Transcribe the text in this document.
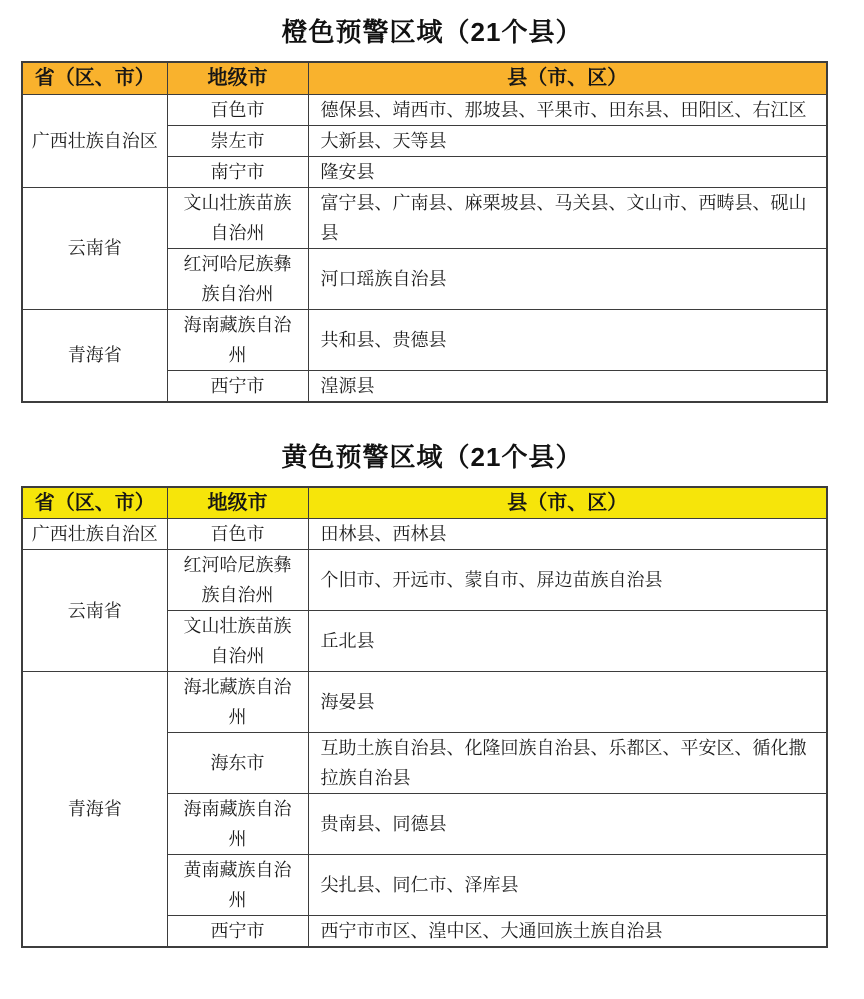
橙色预警区域（21个县）
省（区、市）	地级市	县（市、区）
广西壮族自治区	百色市	德保县、靖西市、那坡县、平果市、田东县、田阳区、右江区
	崇左市	大新县、天等县
	南宁市	隆安县
云南省	文山壮族苗族自治州	富宁县、广南县、麻栗坡县、马关县、文山市、西畴县、砚山县
	红河哈尼族彝族自治州	河口瑶族自治县
青海省	海南藏族自治州	共和县、贵德县
	西宁市	湟源县
黄色预警区域（21个县）
省（区、市）	地级市	县（市、区）
广西壮族自治区	百色市	田林县、西林县
云南省	红河哈尼族彝族自治州	个旧市、开远市、蒙自市、屏边苗族自治县
	文山壮族苗族自治州	丘北县
青海省	海北藏族自治州	海晏县
	海东市	互助土族自治县、化隆回族自治县、乐都区、平安区、循化撒拉族自治县
	海南藏族自治州	贵南县、同德县
	黄南藏族自治州	尖扎县、同仁市、泽库县
	西宁市	西宁市市区、湟中区、大通回族土族自治县
